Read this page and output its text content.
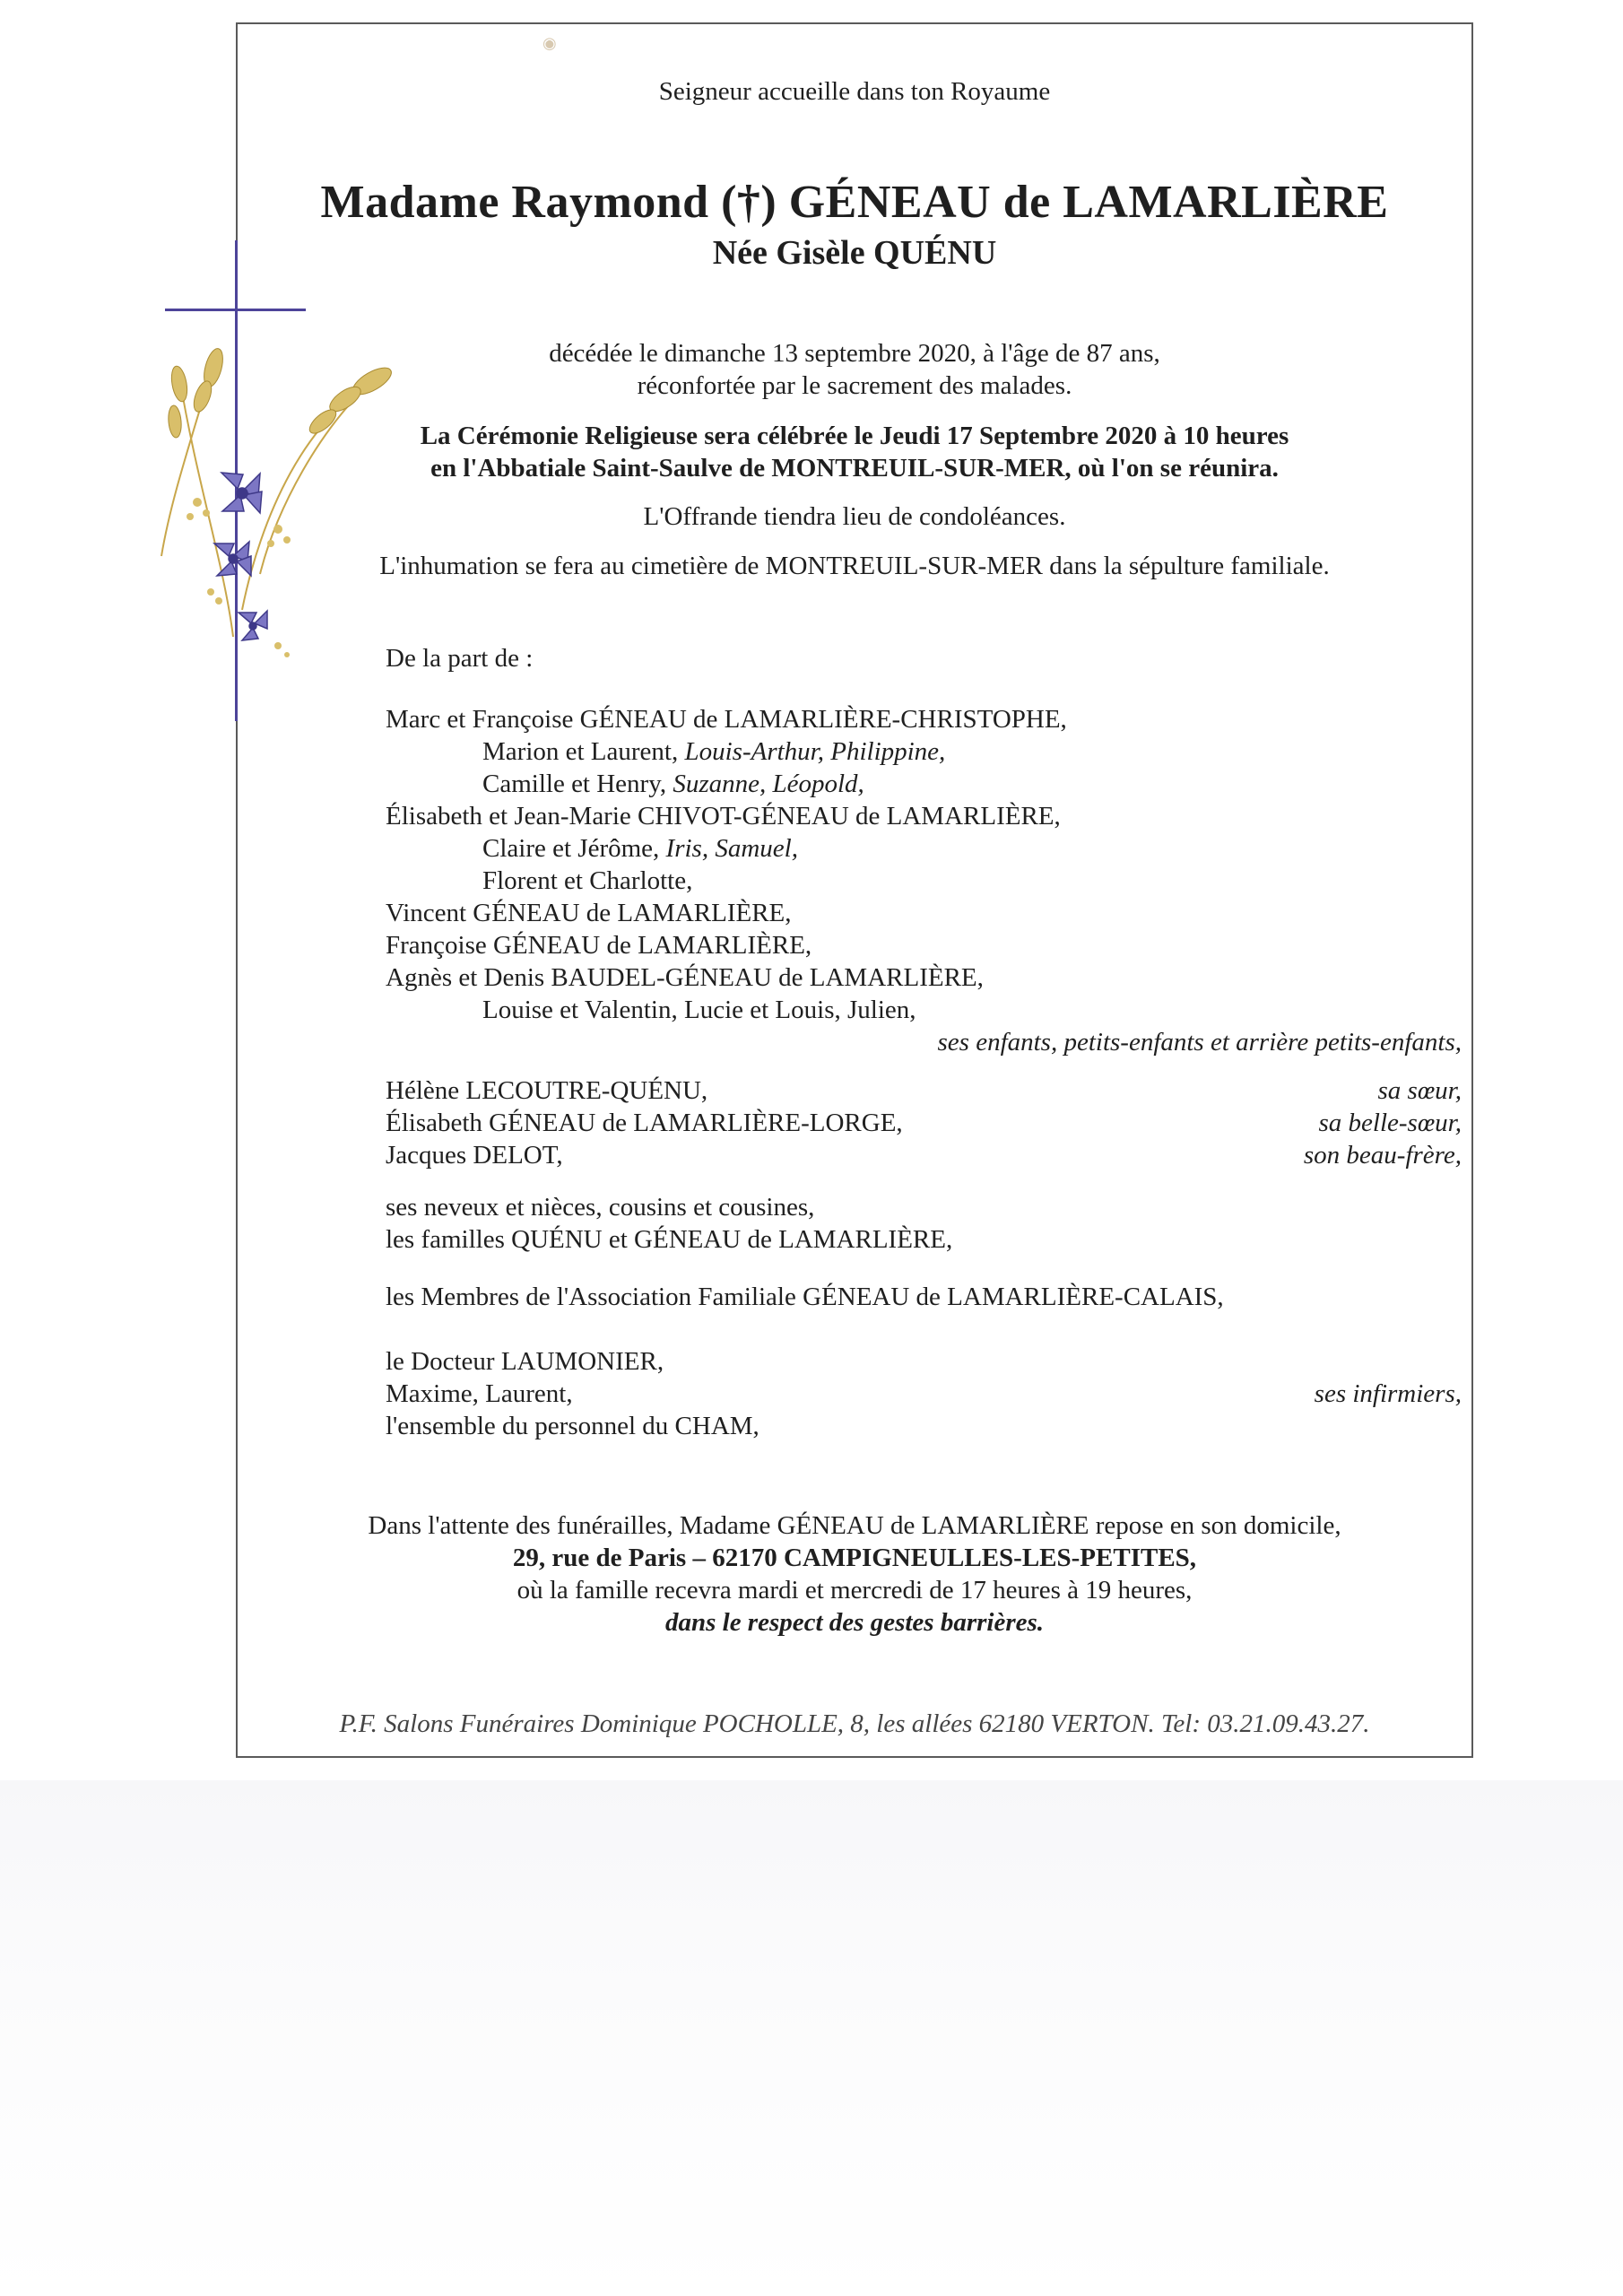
◉
Seigneur accueille dans ton Royaume
Madame Raymond (†) GÉNEAU de LAMARLIÈRE
Née Gisèle QUÉNU
décédée le dimanche 13 septembre 2020, à l'âge de 87 ans,
réconfortée par le sacrement des malades.
La Cérémonie Religieuse sera célébrée le Jeudi 17 Septembre 2020 à 10 heures
en l'Abbatiale Saint-Saulve de MONTREUIL-SUR-MER, où l'on se réunira.
L'Offrande tiendra lieu de condoléances.
L'inhumation se fera au cimetière de MONTREUIL-SUR-MER dans la sépulture familiale.
De la part de :
Marc et Françoise GÉNEAU de LAMARLIÈRE-CHRISTOPHE,
Marion et Laurent, Louis-Arthur, Philippine,
Camille et Henry, Suzanne, Léopold,
Élisabeth et Jean-Marie CHIVOT-GÉNEAU de LAMARLIÈRE,
Claire et Jérôme, Iris, Samuel,
Florent et Charlotte,
Vincent GÉNEAU de LAMARLIÈRE,
Françoise GÉNEAU de LAMARLIÈRE,
Agnès et Denis BAUDEL-GÉNEAU de LAMARLIÈRE,
Louise et Valentin, Lucie et Louis, Julien,
ses enfants, petits-enfants et arrière petits-enfants,
Hélène LECOUTRE-QUÉNU,	sa sœur,
Élisabeth GÉNEAU de LAMARLIÈRE-LORGE,	sa belle-sœur,
Jacques DELOT,	son beau-frère,
ses neveux et nièces, cousins et cousines,
les familles QUÉNU et GÉNEAU de LAMARLIÈRE,
les Membres de l'Association Familiale GÉNEAU de LAMARLIÈRE-CALAIS,
le Docteur LAUMONIER,
Maxime, Laurent,	ses infirmiers,
l'ensemble du personnel du CHAM,
Dans l'attente des funérailles, Madame GÉNEAU de LAMARLIÈRE repose en son domicile,
29, rue de Paris – 62170 CAMPIGNEULLES-LES-PETITES,
où la famille recevra mardi et mercredi de 17 heures à 19 heures,
dans le respect des gestes barrières.
P.F. Salons Funéraires Dominique POCHOLLE, 8, les allées 62180 VERTON. Tel: 03.21.09.43.27.
